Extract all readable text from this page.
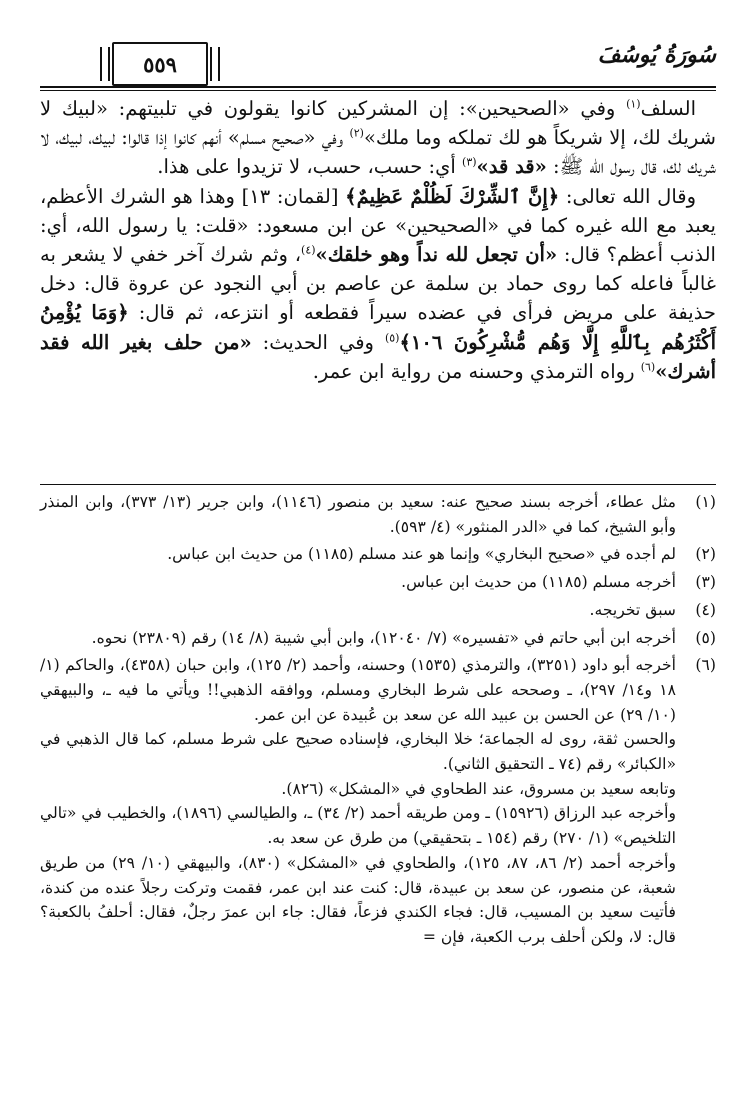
٥٥٩	سُورَةُ يُوسُفَ

السلف$^{(١)}$ وفي «الصحيحين»: إن المشركين كانوا يقولون في تلبيتهم: «لبيك لا شريك لك، إلا شريكاً هو لك تملكه وما ملك»$^{(٢)}$ وفي «صحيح مسلم» أنهم كانوا إذا قالوا: لبيك، لبيك، لا شريك لك، قال رسول الله ﷺ: «قد قد»$^{(٣)}$ أي: حسب، حسب، لا تزيدوا على هذا.

وقال الله تعالى: ﴿إِنَّ ٱلشِّرْكَ لَظُلْمٌ عَظِيمٌ﴾ [لقمان: ١٣] وهذا هو الشرك الأعظم، يعبد مع الله غيره كما في «الصحيحين» عن ابن مسعود: «قلت: يا رسول الله، أي: الذنب أعظم؟ قال: «أن تجعل لله نداً وهو خلقك»$^{(٤)}$، وثم شرك آخر خفي لا يشعر به غالباً فاعله كما روى حماد بن سلمة عن عاصم بن أبي النجود عن عروة قال: دخل حذيفة على مريض فرأى في عضده سيراً فقطعه أو انتزعه، ثم قال: ﴿وَمَا يُؤْمِنُ أَكْثَرُهُم بِٱللَّهِ إِلَّا وَهُم مُّشْرِكُونَ ١٠٦﴾$^{(٥)}$ وفي الحديث: «من حلف بغير الله فقد أشرك»$^{(٦)}$ رواه الترمذي وحسنه من رواية ابن عمر.

(١)
مثل عطاء، أخرجه بسند صحيح عنه: سعيد بن منصور (١١٤٦)، وابن جرير (١٣/ ٣٧٣)، وابن المنذر وأبو الشيخ، كما في «الدر المنثور» (٤/ ٥٩٣).
(٢)
لم أجده في «صحيح البخاري» وإنما هو عند مسلم (١١٨٥) من حديث ابن عباس.
(٣)
أخرجه مسلم (١١٨٥) من حديث ابن عباس.
(٤)
سبق تخريجه.
(٥)
أخرجه ابن أبي حاتم في «تفسيره» (٧/ ١٢٠٤٠)، وابن أبي شيبة (٨/ ١٤) رقم (٢٣٨٠٩) نحوه.
(٦)
أخرجه أبو داود (٣٢٥١)، والترمذي (١٥٣٥) وحسنه، وأحمد (٢/ ١٢٥)، وابن حبان (٤٣٥٨)، والحاكم (١/ ١٨ و١٤/ ٢٩٧)، ـ وصححه على شرط البخاري ومسلم، ووافقه الذهبي!! ويأتي ما فيه ـ، والبيهقي (١٠/ ٢٩) عن الحسن بن عبيد الله عن سعد بن عُبيدة عن ابن عمر.
والحسن ثقة، روى له الجماعة؛ خلا البخاري، فإسناده صحيح على شرط مسلم، كما قال الذهبي في «الكبائر» رقم (٧٤ ـ التحقيق الثاني).
وتابعه سعيد بن مسروق، عند الطحاوي في «المشكل» (٨٢٦).
وأخرجه عبد الرزاق (١٥٩٢٦) ـ ومن طريقه أحمد (٢/ ٣٤) ـ، والطيالسي (١٨٩٦)، والخطيب في «تالي التلخيص» (١/ ٢٧٠) رقم (١٥٤ ـ بتحقيقي) من طرق عن سعد به.
وأخرجه أحمد (٢/ ٨٦، ٨٧، ١٢٥)، والطحاوي في «المشكل» (٨٣٠)، والبيهقي (١٠/ ٢٩) من طريق شعبة، عن منصور، عن سعد بن عبيدة، قال: كنت عند ابن عمر، فقمت وتركت رجلاً عنده من كندة، فأتيت سعيد بن المسيب، قال: فجاء الكندي فزعاً، فقال: جاء ابن عمرَ رجلٌ، فقال: أحلفُ بالكعبة؟ قال: لا، ولكن أحلف برب الكعبة، فإن =
